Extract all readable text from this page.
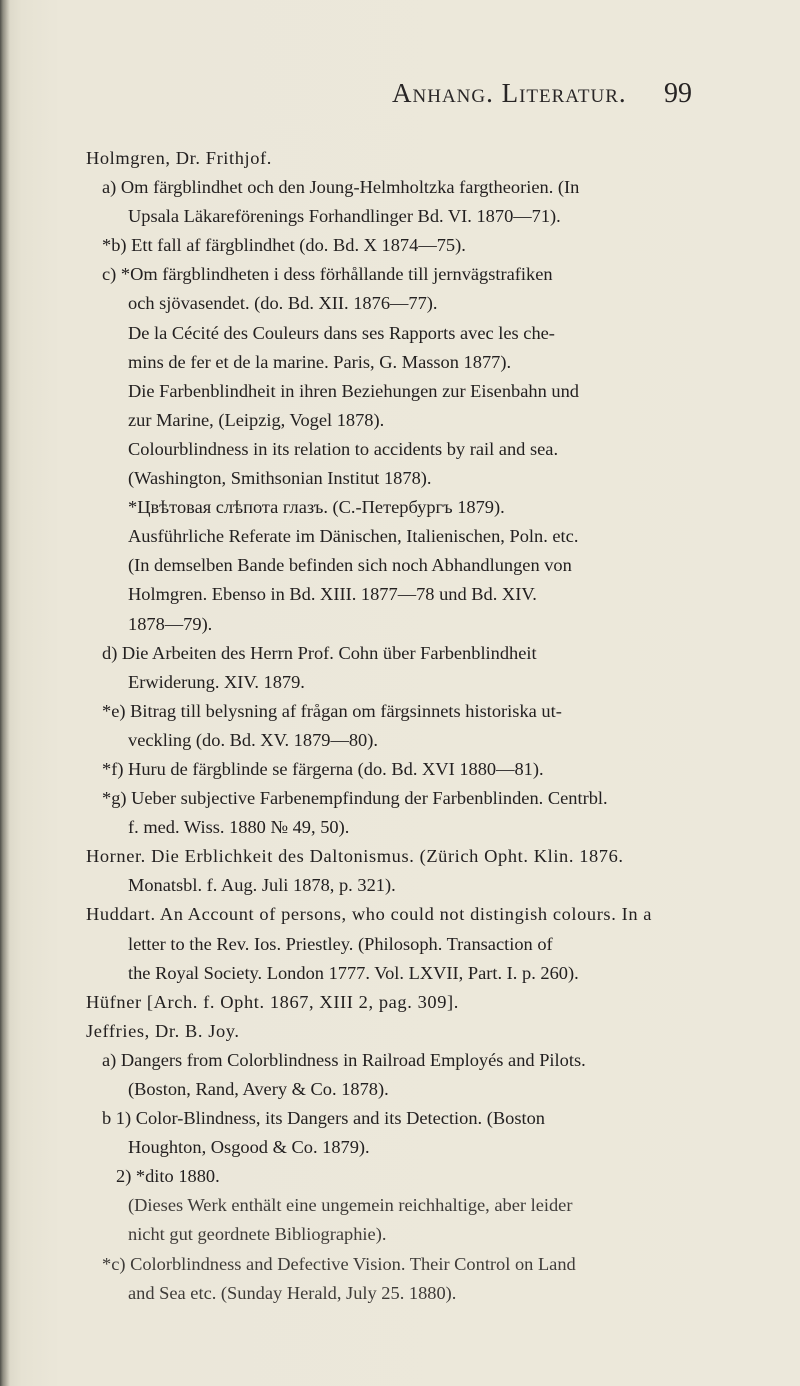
Anhang. Literatur. 99
Holmgren, Dr. Frithjof.
a) Om färgblindhet och den Joung-Helmholtzka fargtheorien. (In
Upsala Läkareförenings Forhandlinger Bd. VI. 1870—71).
*b) Ett fall af färgblindhet (do. Bd. X 1874—75).
c) *Om färgblindheten i dess förhållande till jernvägstrafiken
och sjövasendet. (do. Bd. XII. 1876—77).
De la Cécité des Couleurs dans ses Rapports avec les che-
mins de fer et de la marine. Paris, G. Masson 1877).
Die Farbenblindheit in ihren Beziehungen zur Eisenbahn und
zur Marine, (Leipzig, Vogel 1878).
Colourblindness in its relation to accidents by rail and sea.
(Washington, Smithsonian Institut 1878).
*Цвѣтовая слѣпота глазъ. (С.-Петербургъ 1879).
Ausführliche Referate im Dänischen, Italienischen, Poln. etc.
(In demselben Bande befinden sich noch Abhandlungen von
Holmgren. Ebenso in Bd. XIII. 1877—78 und Bd. XIV.
1878—79).
d) Die Arbeiten des Herrn Prof. Cohn über Farbenblindheit
Erwiderung. XIV. 1879.
*e) Bitrag till belysning af frågan om färgsinnets historiska ut-
veckling (do. Bd. XV. 1879—80).
*f) Huru de färgblinde se färgerna (do. Bd. XVI 1880—81).
*g) Ueber subjective Farbenempfindung der Farbenblinden. Centrbl.
f. med. Wiss. 1880 № 49, 50).
Horner. Die Erblichkeit des Daltonismus. (Zürich Opht. Klin. 1876.
Monatsbl. f. Aug. Juli 1878, p. 321).
Huddart. An Account of persons, who could not distingish colours. In a
letter to the Rev. Ios. Priestley. (Philosoph. Transaction of
the Royal Society. London 1777. Vol. LXVII, Part. I. p. 260).
Hüfner [Arch. f. Opht. 1867, XIII 2, pag. 309].
Jeffries, Dr. B. Joy.
a) Dangers from Colorblindness in Railroad Employés and Pilots.
(Boston, Rand, Avery & Co. 1878).
b 1) Color-Blindness, its Dangers and its Detection. (Boston
Houghton, Osgood & Co. 1879).
2) *dito 1880.
(Dieses Werk enthält eine ungemein reichhaltige, aber leider
nicht gut geordnete Bibliographie).
*c) Colorblindness and Defective Vision. Their Control on Land
and Sea etc. (Sunday Herald, July 25. 1880).
